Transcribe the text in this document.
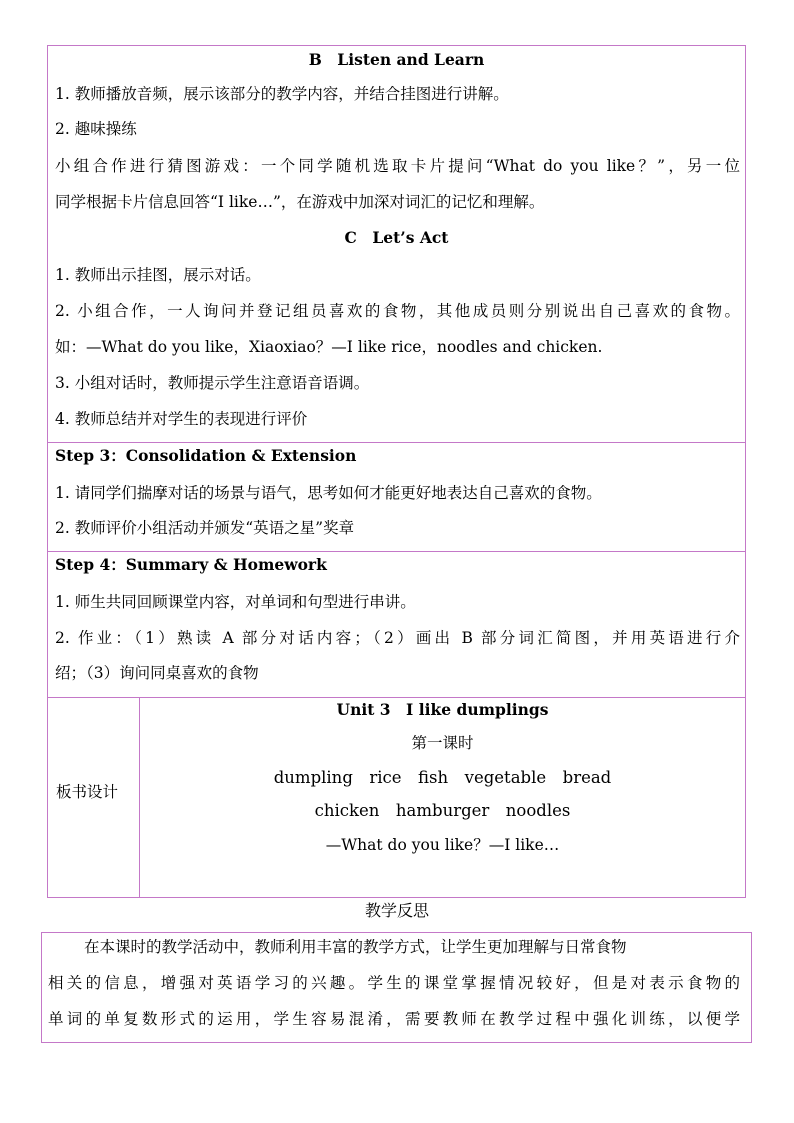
B　Listen and Learn
1. 教师播放音频，展示该部分的教学内容，并结合挂图进行讲解。
2. 趣味操练
小组合作进行猜图游戏：一个同学随机选取卡片提问“What do you like？”，另一位
同学根据卡片信息回答“I like…”，在游戏中加深对词汇的记忆和理解。
C　Let’s Act
1. 教师出示挂图，展示对话。
2. 小组合作，一人询问并登记组员喜欢的食物，其他成员则分别说出自己喜欢的食物。
如：—What do you like，Xiaoxiao？—I like rice，noodles and chicken.
3. 小组对话时，教师提示学生注意语音语调。
4. 教师总结并对学生的表现进行评价
Step 3：Consolidation & Extension
1. 请同学们揣摩对话的场景与语气，思考如何才能更好地表达自己喜欢的食物。
2. 教师评价小组活动并颁发“英语之星”奖章
Step 4：Summary & Homework
1. 师生共同回顾课堂内容，对单词和句型进行串讲。
2. 作业：（1）熟读 A 部分对话内容；（2）画出 B 部分词汇简图，并用英语进行介
绍；（3）询问同桌喜欢的食物
板书设计
Unit 3　I like dumplings
第一课时
dumpling　rice　fish　vegetable　bread
chicken　hamburger　noodles
—What do you like？—I like…
教学反思
在本课时的教学活动中，教师利用丰富的教学方式，让学生更加理解与日常食物
相关的信息，增强对英语学习的兴趣。学生的课堂掌握情况较好，但是对表示食物的
单词的单复数形式的运用，学生容易混淆，需要教师在教学过程中强化训练，以便学
